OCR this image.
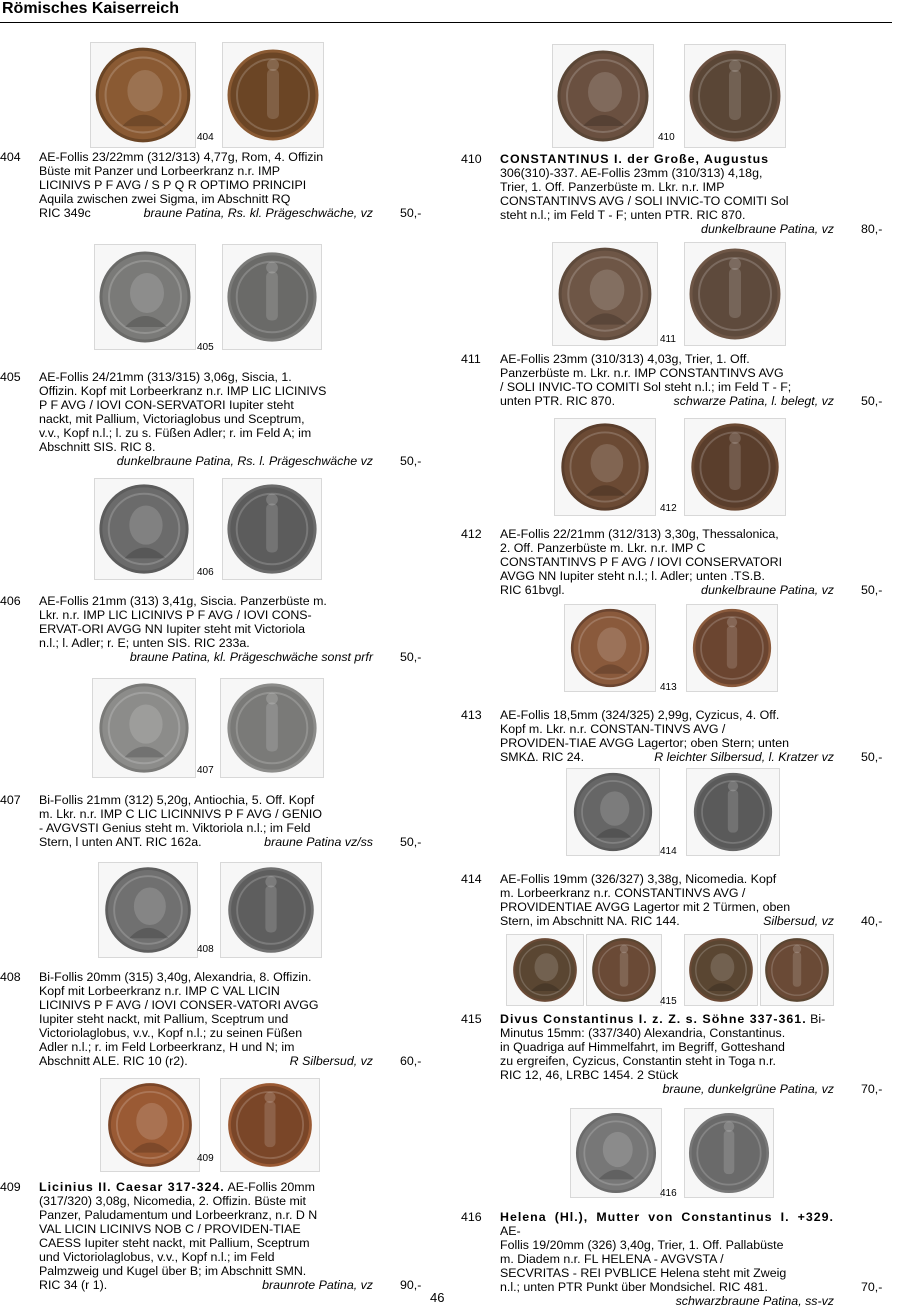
Römisches Kaiserreich
404
404	AE-Follis 23/22mm (312/313) 4,77g, Rom, 4. Offizin
Büste mit Panzer und Lorbeerkranz n.r. IMP
LICINIVS P F AVG / S P Q R OPTIMO PRINCIPI
Aquila zwischen zwei Sigma, im Abschnitt RQ
RIC 349c	braune Patina, Rs. kl. Prägeschwäche, vz 50,-
405
405	AE-Follis 24/21mm (313/315) 3,06g, Siscia, 1.
Offizin. Kopf mit Lorbeerkranz n.r. IMP LIC LICINIVS
P F AVG / IOVI CON-SERVATORI Iupiter steht
nackt, mit Pallium, Victoriaglobus und Sceptrum,
v.v., Kopf n.l.; l. zu s. Füßen Adler; r. im Feld A; im
Abschnitt SIS. RIC 8.
dunkelbraune Patina, Rs. l. Prägeschwäche vz 50,-
406
406	AE-Follis 21mm (313) 3,41g, Siscia. Panzerbüste m.
Lkr. n.r. IMP LIC LICINIVS P F AVG / IOVI CONS-
ERVAT-ORI AVGG NN Iupiter steht mit Victoriola
n.l.; l. Adler; r. E; unten SIS. RIC 233a.
braune Patina, kl. Prägeschwäche sonst prfr 50,-
407
407	Bi-Follis 21mm (312) 5,20g, Antiochia, 5. Off. Kopf
m. Lkr. n.r. IMP C LIC LICINNIVS P F AVG / GENIO
- AVGVSTI Genius steht m. Viktoriola n.l.; im Feld
Stern, l unten ANT. RIC 162a.	braune Patina vz/ss 50,-
408
408	Bi-Follis 20mm (315) 3,40g, Alexandria, 8. Offizin.
Kopf mit Lorbeerkranz n.r. IMP C VAL LICIN
LICINIVS P F AVG / IOVI CONSER-VATORI AVGG
Iupiter steht nackt, mit Pallium, Sceptrum und
Victoriolaglobus, v.v., Kopf n.l.; zu seinen Füßen
Adler n.l.; r. im Feld Lorbeerkranz, H und N; im
Abschnitt ALE. RIC 10 (r2).	R Silbersud, vz 60,-
409
409	Licinius II. Caesar 317-324. AE-Follis 20mm
(317/320) 3,08g, Nicomedia, 2. Offizin. Büste mit
Panzer, Paludamentum und Lorbeerkranz, n.r. D N
VAL LICIN LICINIVS NOB C / PROVIDEN-TIAE
CAESS Iupiter steht nackt, mit Pallium, Sceptrum
und Victoriolaglobus, v.v., Kopf n.l.; im Feld
Palmzweig und Kugel über B; im Abschnitt SMN.
RIC 34 (r 1).	braunrote Patina, vz 90,-
410
410	CONSTANTINUS I. der Große, Augustus
306(310)-337. AE-Follis 23mm (310/313) 4,18g,
Trier, 1. Off. Panzerbüste m. Lkr. n.r. IMP
CONSTANTINVS AVG / SOLI INVIC-TO COMITI Sol
steht n.l.; im Feld T - F; unten PTR. RIC 870.
dunkelbraune Patina, vz 80,-
411
411	AE-Follis 23mm (310/313) 4,03g, Trier, 1. Off.
Panzerbüste m. Lkr. n.r. IMP CONSTANTINVS AVG
/ SOLI INVIC-TO COMITI Sol steht n.l.; im Feld T - F;
unten PTR. RIC 870.	schwarze Patina, l. belegt, vz 50,-
412
412	AE-Follis 22/21mm (312/313) 3,30g, Thessalonica,
2. Off. Panzerbüste m. Lkr. n.r. IMP C
CONSTANTINVS P F AVG / IOVI CONSERVATORI
AVGG NN Iupiter steht n.l.; l. Adler; unten .TS.B.
RIC 61bvgl.	dunkelbraune Patina, vz 50,-
413
413	AE-Follis 18,5mm (324/325) 2,99g, Cyzicus, 4. Off.
Kopf m. Lkr. n.r. CONSTAN-TINVS AVG /
PROVIDEN-TIAE AVGG Lagertor; oben Stern; unten
SMKΔ. RIC 24.	R leichter Silbersud, l. Kratzer vz 50,-
414
414	AE-Follis 19mm (326/327) 3,38g, Nicomedia. Kopf
m. Lorbeerkranz n.r. CONSTANTINVS AVG /
PROVIDENTIAE AVGG Lagertor mit 2 Türmen, oben
Stern, im Abschnitt NA. RIC 144.	Silbersud, vz 40,-
415
415	Divus Constantinus I. z. Z. s. Söhne 337-361. Bi-
Minutus 15mm: (337/340) Alexandria, Constantinus.
in Quadriga auf Himmelfahrt, im Begriff, Gotteshand
zu ergreifen, Cyzicus, Constantin steht in Toga n.r.
RIC 12, 46, LRBC 1454. 2 Stück
braune, dunkelgrüne Patina, vz 70,-
416
416	Helena (Hl.), Mutter von Constantinus I. +329. AE-
Follis 19/20mm (326) 3,40g, Trier, 1. Off. Pallabüste
m. Diadem n.r. FL HELENA - AVGVSTA /
SECVRITAS - REI PVBLICE Helena steht mit Zweig
n.l.; unten PTR Punkt über Mondsichel. RIC 481.
schwarzbraune Patina, ss-vz
70,-
46
